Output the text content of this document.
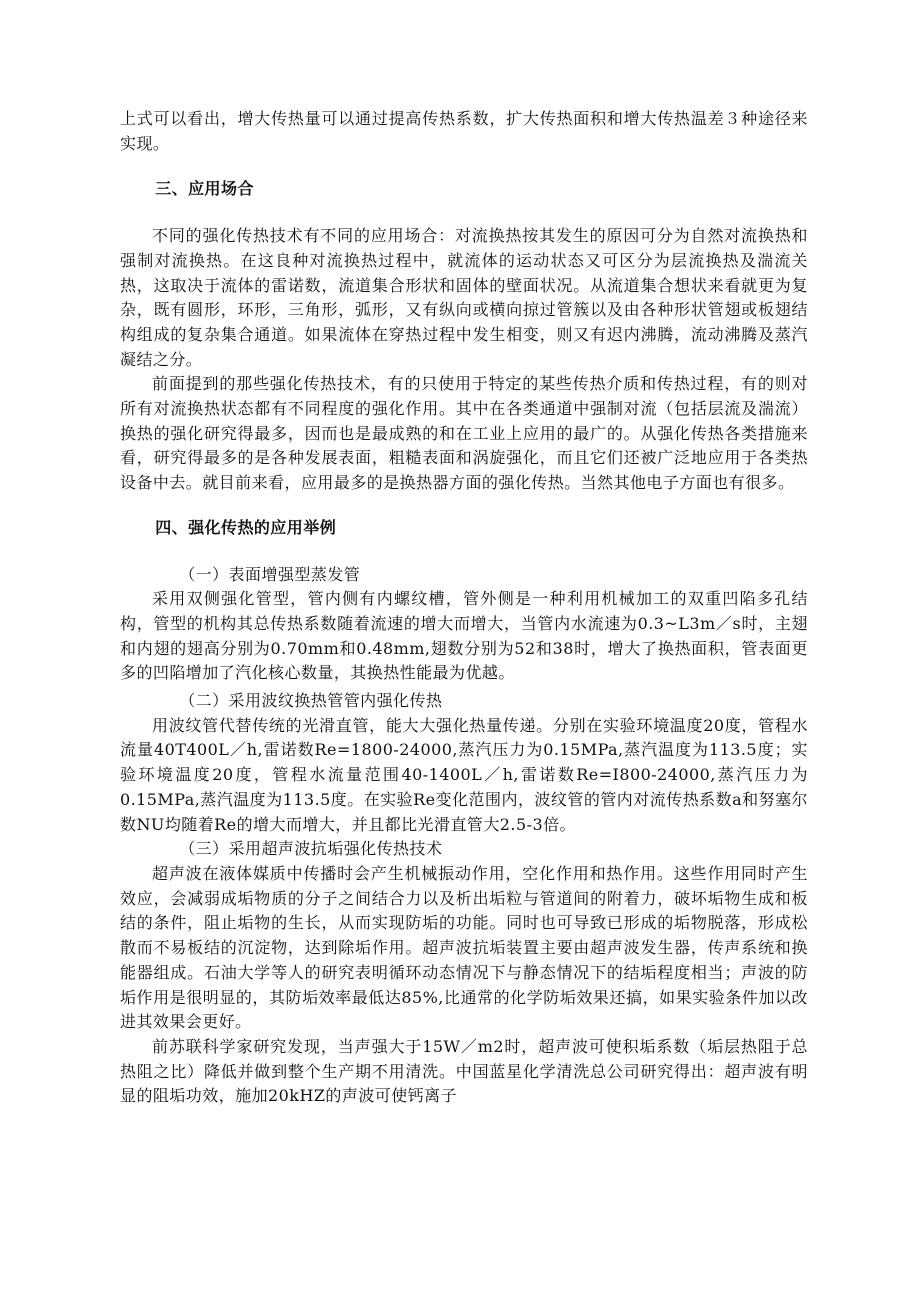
上式可以看出，增大传热量可以通过提高传热系数，扩大传热面积和增大传热温差３种途径来实现。

三、应用场合

不同的强化传热技术有不同的应用场合：对流换热按其发生的原因可分为自然对流换热和强制对流换热。在这良种对流换热过程中，就流体的运动状态又可区分为层流换热及湍流关热，这取决于流体的雷诺数，流道集合形状和固体的壁面状况。从流道集合想状来看就更为复杂，既有圆形，环形，三角形，弧形，又有纵向或横向掠过管簇以及由各种形状管翅或板翅结构组成的复杂集合通道。如果流体在穿热过程中发生相变，则又有迟内沸腾，流动沸腾及蒸汽凝结之分。

前面提到的那些强化传热技术，有的只使用于特定的某些传热介质和传热过程，有的则对所有对流换热状态都有不同程度的强化作用。其中在各类通道中强制对流（包括层流及湍流）换热的强化研究得最多，因而也是最成熟的和在工业上应用的最广的。从强化传热各类措施来看，研究得最多的是各种发展表面，粗糙表面和涡旋强化，而且它们还被广泛地应用于各类热设备中去。就目前来看，应用最多的是换热器方面的强化传热。当然其他电子方面也有很多。

四、强化传热的应用举例

（一）表面增强型蒸发管

采用双侧强化管型，管内侧有内螺纹槽，管外侧是一种利用机械加工的双重凹陷多孔结构，管型的机构其总传热系数随着流速的增大而增大，当管内水流速为0.3~L3m／s时，主翅和内翅的翅高分别为0.70mm和0.48mm,翅数分别为52和38时，增大了换热面积，管表面更多的凹陷增加了汽化核心数量，其换热性能最为优越。

（二）采用波纹换热管管内强化传热

用波纹管代替传统的光滑直管，能大大强化热量传递。分别在实验环境温度20度，管程水流量40T400L／h,雷诺数Re=1800-24000,蒸汽压力为0.15MPa,蒸汽温度为113.5度；实验环境温度20度，管程水流量范围40-1400L／h,雷诺数Re=I800-24000,蒸汽压力为0.15MPa,蒸汽温度为113.5度。在实验Re变化范围内，波纹管的管内对流传热系数a和努塞尔数NU均随着Re的增大而增大，并且都比光滑直管大2.5-3倍。

（三）采用超声波抗垢强化传热技术

超声波在液体媒质中传播时会产生机械振动作用，空化作用和热作用。这些作用同时产生效应，会减弱成垢物质的分子之间结合力以及析出垢粒与管道间的附着力，破坏垢物生成和板结的条件，阻止垢物的生长，从而实现防垢的功能。同时也可导致已形成的垢物脱落，形成松散而不易板结的沉淀物，达到除垢作用。超声波抗垢装置主要由超声波发生器，传声系统和换能器组成。石油大学等人的研究表明循环动态情况下与静态情况下的结垢程度相当；声波的防垢作用是很明显的，其防垢效率最低达85%,比通常的化学防垢效果还搞，如果实验条件加以改进其效果会更好。

前苏联科学家研究发现，当声强大于15W／m2时，超声波可使积垢系数（垢层热阻于总热阻之比）降低并做到整个生产期不用清洗。中国蓝星化学清洗总公司研究得出：超声波有明显的阻垢功效，施加20kHZ的声波可使钙离子
